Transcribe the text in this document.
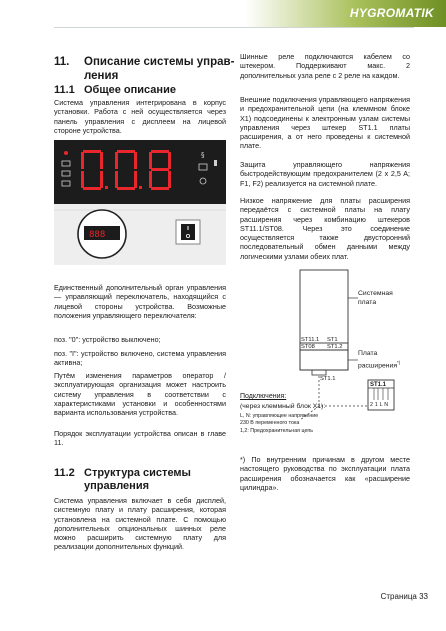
HYGROMATIK
11. Описание системы управ-
ления
11.1 Общее описание
Система управления интегрирована в корпус установки. Работа с ней осуществляется через панель управления с дисплеем на лицевой стороне устройства.
§
888
Единственный дополнительный орган управления — управляющий переключатель, находящийся с лицевой стороны устройства. Возможные положения управляющего переключателя:
поз. "0": устройство выключено;
поз. "I": устройство включено, система управления активна;
Путём изменения параметров оператор / эксплуатирующая организация может настроить систему управления в соответствии с характеристиками установки и особенностями варианта использования устройства.
Порядок эксплуатации устройства описан в главе 11.
11.2 Структура системы
управления
Система управления включает в себя дисплей, системную плату и плату расширения, которая установлена на системной плате. С помощью дополнительных опциональных шинных реле можно расширить системную плату для реализации дополнительных функций.
Шинные реле подключаются кабелем со штекером. Поддерживают макс. 2 дополнительных узла реле с 2 реле на каждом.
Внешние подключения управляющего напряжения и предохранительной цепи (на клеммном блоке X1) подсоединены к электронным узлам системы управления через штекер ST1.1 платы расширения, а от него проведены к системной плате.
Защита управляющего напряжения быстродействующим предохранителем (2 x 2,5 A; F1, F2) реализуется на системной плате.
Низкое напряжение для платы расширения передаётся с системной платы на плату расширения через комбинацию штекеров ST11.1/ST08. Через это соединение осуществляется также двусторонний последовательный обмен данными между логическими узлами обеих плат.
Системная
плата
ST11.1 ST1
ST08 ST1.2
Плата
расширения*)
ST1.1
ST1.1
2 1 L N
Подключения:
(через клеммный блок X1):
L, N: управляющее напряжение
230 В переменного тока
1,2: Предохранительная цепь
*) По внутренним причинам в другом месте настоящего руководства по эксплуатации плата расширения обозначается как «расширение цилиндра».
Страница 33
